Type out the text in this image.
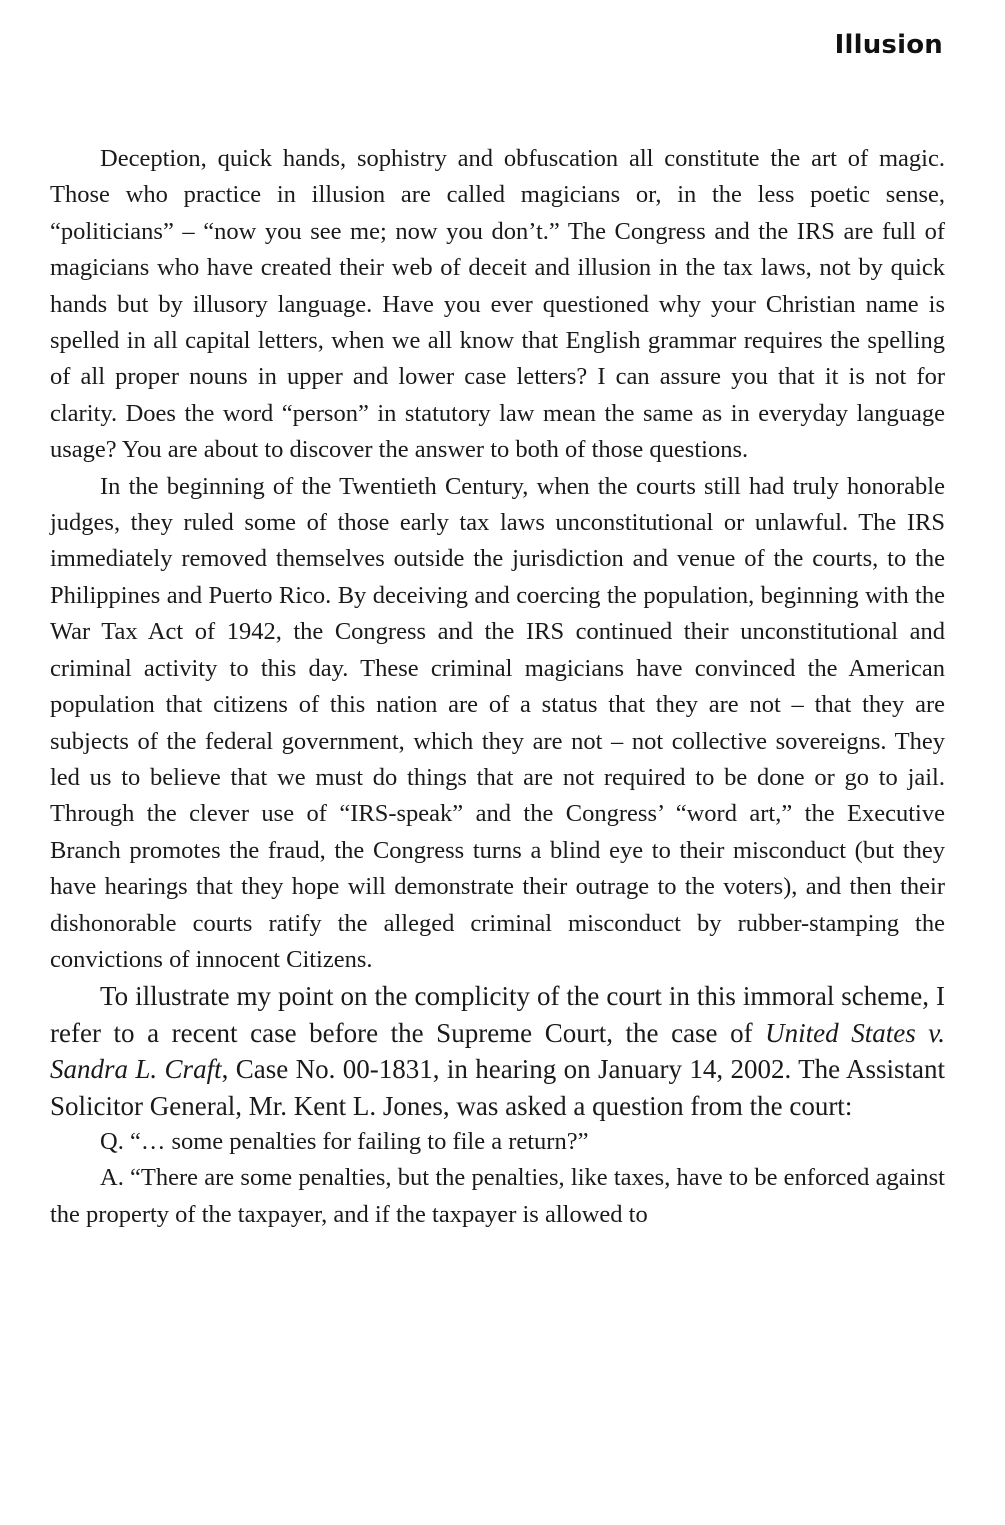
Illusion

Deception, quick hands, sophistry and obfuscation all constitute the art of magic. Those who practice in illusion are called magicians or, in the less poetic sense, “politicians” – “now you see me; now you don’t.” The Congress and the IRS are full of magicians who have created their web of deceit and illusion in the tax laws, not by quick hands but by illusory language. Have you ever questioned why your Christian name is spelled in all capital letters, when we all know that English grammar requires the spelling of all proper nouns in upper and lower case letters? I can assure you that it is not for clarity. Does the word “person” in statutory law mean the same as in everyday language usage? You are about to discover the answer to both of those questions.

In the beginning of the Twentieth Century, when the courts still had truly honorable judges, they ruled some of those early tax laws unconstitutional or unlawful. The IRS immediately removed themselves outside the jurisdiction and venue of the courts, to the Philippines and Puerto Rico. By deceiving and coercing the population, beginning with the War Tax Act of 1942, the Congress and the IRS continued their unconstitutional and criminal activity to this day. These criminal magicians have convinced the American population that citizens of this nation are of a status that they are not – that they are subjects of the federal government, which they are not – not collective sovereigns. They led us to believe that we must do things that are not required to be done or go to jail. Through the clever use of “IRS-speak” and the Congress’ “word art,” the Executive Branch promotes the fraud, the Congress turns a blind eye to their misconduct (but they have hearings that they hope will demonstrate their outrage to the voters), and then their dishonorable courts ratify the alleged criminal misconduct by rubber-stamping the convictions of innocent Citizens.

To illustrate my point on the complicity of the court in this immoral scheme, I refer to a recent case before the Supreme Court, the case of United States v. Sandra L. Craft, Case No. 00-1831, in hearing on January 14, 2002. The Assistant Solicitor General, Mr. Kent L. Jones, was asked a question from the court:

Q. “… some penalties for failing to file a return?”

A. “There are some penalties, but the penalties, like taxes, have to be enforced against the property of the taxpayer, and if the taxpayer is allowed to
